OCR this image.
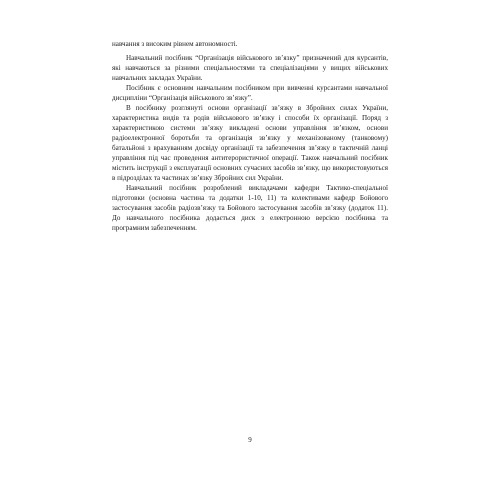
навчання з високим рівнем автономності.

Навчальний посібник “Організація військового зв’язку” призначений для курсантів, які навчаються за різними спеціальностями та спеціалізаціями у вищих військових навчальних закладах України.

Посібник є основним навчальним посібником при вивченні курсантами навчальної дисципліни “Організація військового зв’язку”.

В посібнику розглянуті основи організації зв’язку в Збройних силах України, характеристика видів та родів військового зв’язку і способи їх організації. Поряд з характеристикою системи зв’язку викладені основи управління зв’язком, основи радіоелектронної боротьби та організація зв’язку у механізованому (танковому) батальйоні з врахуванням досвіду організації та забезпечення зв’язку в тактичній ланці управління під час проведення антитерористичної операції. Також навчальний посібник містить інструкції з експлуатації основних сучасних засобів зв’язку, що використовуються в підрозділах та частинах зв’язку Збройних сил України.

Навчальний посібник розроблений викладачами кафедри Тактико-спеціальної підготовки (основна частина та додатки 1-10, 11) та колективами кафедр Бойового застосування засобів радіозв’язку та Бойового застосування засобів зв’язку (додаток 11). До навчального посібника додається диск з електронною версією посібника та програмним забезпеченням.

9
